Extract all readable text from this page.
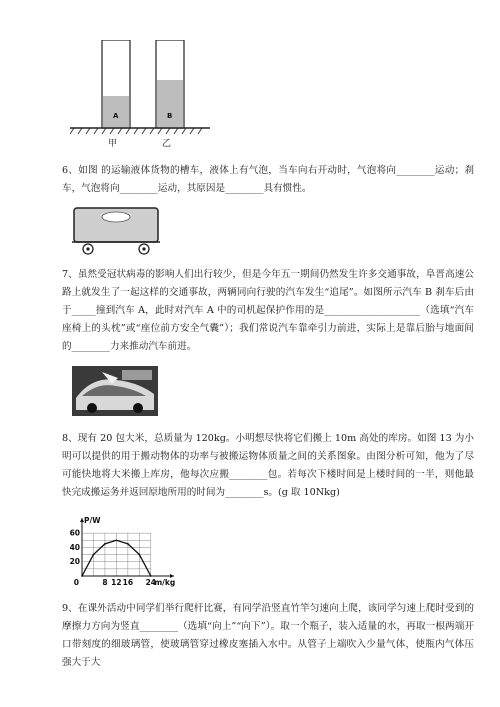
A	B
甲	乙
6、如图 的运输液体货物的槽车，液体上有气泡，当车向右开动时，气泡将向________运动；刹车，气泡将向________运动，其原因是________具有惯性。
7、虽然受冠状病毒的影响人们出行较少，但是今年五一期间仍然发生许多交通事故，阜晋高速公路上就发生了一起这样的交通事故，两辆同向行驶的汽车发生“追尾”。如图所示汽车 B 刹车后由于_____撞到汽车 A，此时对汽车 A 中的司机起保护作用的是____________________（选填“汽车座椅上的头枕”或“座位前方安全气囊”）；我们常说汽车靠牵引力前进，实际上是靠后胎与地面间的________力来推动汽车前进。
8、现有 20 包大米，总质量为 120kg。小明想尽快将它们搬上 10m 高处的库房。如图 13 为小明可以提供的用于搬动物体的功率与被搬运物体质量之间的关系图象。由图分析可知，他为了尽可能快地将大米搬上库房，他每次应搬________包。若每次下楼时间是上楼时间的一半，则他最快完成搬运务并返回原地所用的时间为________s。(g 取 10Nkg)
20
40
60
8 16 24
12
0
P/W
m/kg
9、在课外活动中同学们举行爬杆比赛，有同学沿竖直竹竿匀速向上爬，该同学匀速上爬时受到的摩擦力方向为竖直________（选填“向上”“向下”）。取一个瓶子，装入适量的水，再取一根两端开口带刻度的细玻璃管，使玻璃管穿过橡皮塞插入水中。从管子上端吹入少量气体，使瓶内气体压强大于大
